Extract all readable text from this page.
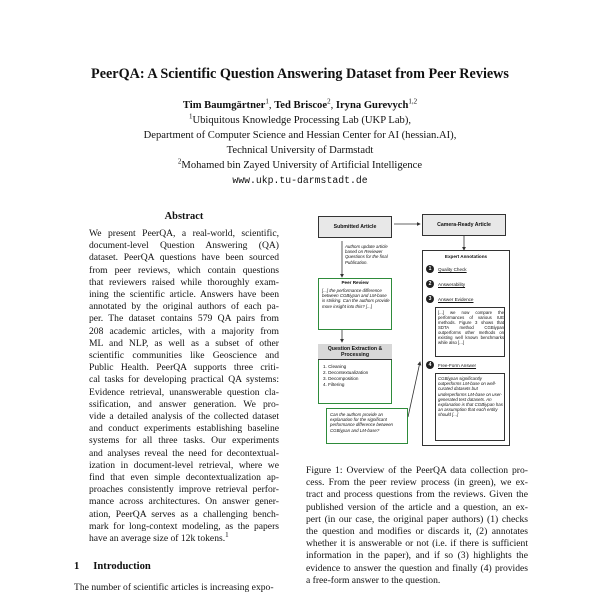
PeerQA: A Scientific Question Answering Dataset from Peer Reviews
Tim Baumgärtner$^1$, Ted Briscoe$^2$, Iryna Gurevych$^{1,2}$
$^1$Ubiquitous Knowledge Processing Lab (UKP Lab),
Department of Computer Science and Hessian Center for AI (hessian.AI),
Technical University of Darmstadt
$^2$Mohamed bin Zayed University of Artificial Intelligence
www.ukp.tu-darmstadt.de
Abstract
We present PeerQA, a real-world, scientific,
document-level Question Answering (QA)
dataset. PeerQA questions have been sourced
from peer reviews, which contain questions
that reviewers raised while thoroughly exam-
ining the scientific article. Answers have been
annotated by the original authors of each pa-
per. The dataset contains 579 QA pairs from
208 academic articles, with a majority from
ML and NLP, as well as a subset of other
scientific communities like Geoscience and
Public Health. PeerQA supports three criti-
cal tasks for developing practical QA systems:
Evidence retrieval, unanswerable question cla-
ssification, and answer generation. We pro-
vide a detailed analysis of the collected dataset
and conduct experiments establishing baseline
systems for all three tasks. Our experiments
and analyses reveal the need for decontextual-
ization in document-level retrieval, where we
find that even simple decontextualization ap-
proaches consistently improve retrieval perfor-
mance across architectures. On answer gener-
ation, PeerQA serves as a challenging bench-
mark for long-context modeling, as the papers
have an average size of 12k tokens.$^1$
1 Introduction
The number of scientific articles is increasing expo-
Submitted Article
Authors update article based on Reviewer Questions for the final Publication.
Peer Review
[...] the performance difference between CGBiypan and LM-base is striking. Can the authors provide more insight into this? [...]
Question Extraction & Processing
1. Cleaning
2. Decontextualization
3. Decomposition
4. Filtering
Can the authors provide an explanation for the significant performance difference between CGBiypan and LM-base?
Camera-Ready Article
Expert Annotations
1	Quality Check
2	Answerability
3	Answer Evidence
[...] we now compare the performances of various IUE methods. Figure 3 shows that SDTA method CGBiypan outperforms other methods on existing well known benchmarks while also [...]
4	Free-Form Answer
CGBiypan significantly outperforms LM-base on well-curated datasets but underperforms LM-base on user-generated test datasets. An explanation is that CGBiypan has an assumption that each entity should [...]
Figure 1: Overview of the PeerQA data collection pro-
cess. From the peer review process (in green), we ex-
tract and process questions from the reviews. Given the
published version of the article and a question, an ex-
pert (in our case, the original paper authors) (1) checks
the question and modifies or discards it, (2) annotates
whether it is answerable or not (i.e. if there is sufficient
information in the paper), and if so (3) highlights the
evidence to answer the question and finally (4) provides
a free-form answer to the question.
